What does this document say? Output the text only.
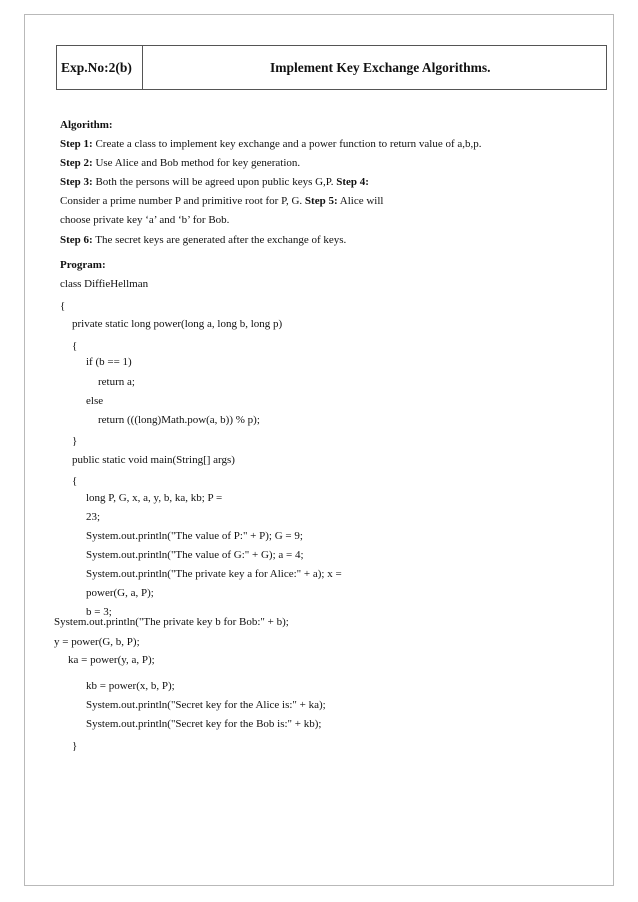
Exp.No:2(b)	Implement Key Exchange Algorithms.
Algorithm:
Step 1: Create a class to implement key exchange and a power function to return value of a,b,p.
Step 2: Use Alice and Bob method for key generation.
Step 3: Both the persons will be agreed upon public keys G,P. Step 4:
Consider a prime number P and primitive root for P, G. Step 5: Alice will
choose private key ‘a’ and ‘b’ for Bob.
Step 6: The secret keys are generated after the exchange of keys.
Program:
class DiffieHellman
{
private static long power(long a, long b, long p)
{
if (b == 1)
return a;
else
return (((long)Math.pow(a, b)) % p);
}
public static void main(String[] args)
{
long P, G, x, a, y, b, ka, kb; P =
23;
System.out.println("The value of P:" + P); G = 9;
System.out.println("The value of G:" + G); a = 4;
System.out.println("The private key a for Alice:" + a); x =
power(G, a, P);
b = 3;
System.out.println("The private key b for Bob:" + b);
y = power(G, b, P);
ka = power(y, a, P);
kb = power(x, b, P);
System.out.println("Secret key for the Alice is:" + ka);
System.out.println("Secret key for the Bob is:" + kb);
}
